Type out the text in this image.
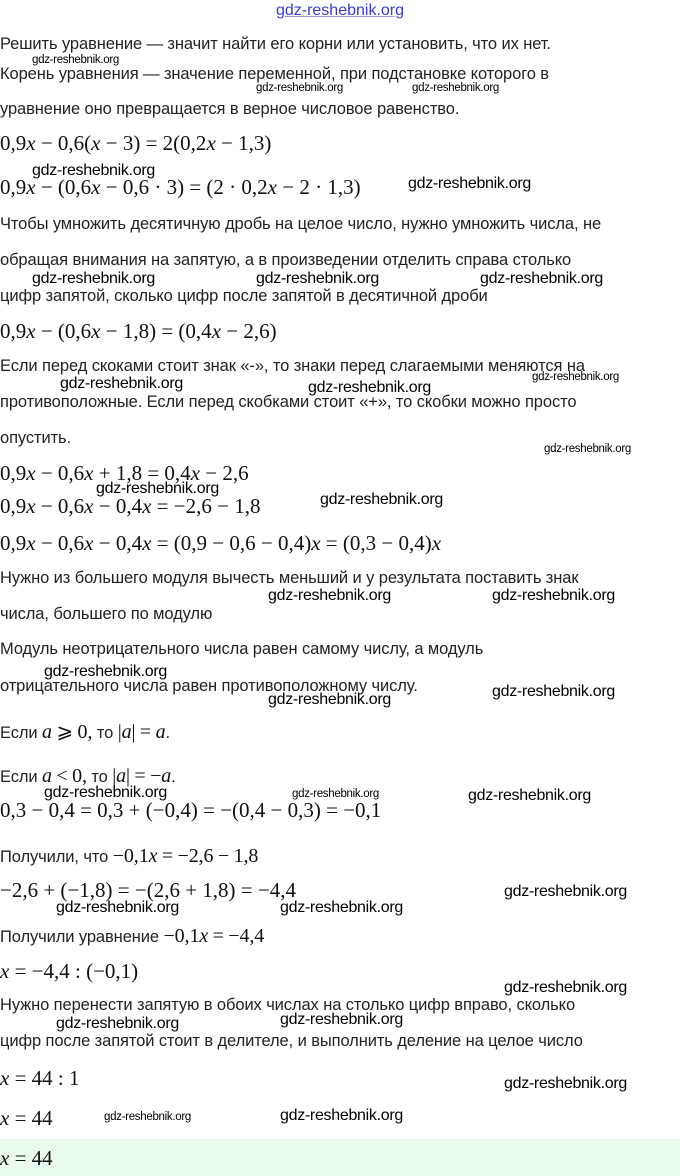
gdz-reshebnik.org
Решить уравнение — значит найти его корни или установить, что их нет.
Корень уравнения — значение переменной, при подстановке которого в
уравнение оно превращается в верное числовое равенство.
0,9x − 0,6(x − 3) = 2(0,2x − 1,3)
0,9x − (0,6x − 0,6 · 3) = (2 · 0,2x − 2 · 1,3)
Чтобы умножить десятичную дробь на целое число, нужно умножить числа, не
обращая внимания на запятую, а в произведении отделить справа столько
цифр запятой, сколько цифр после запятой в десятичной дроби
0,9x − (0,6x − 1,8) = (0,4x − 2,6)
Если перед скоками стоит знак «-», то знаки перед слагаемыми меняются на
противоположные. Если перед скобками стоит «+», то скобки можно просто
опустить.
0,9x − 0,6x + 1,8 = 0,4x − 2,6
0,9x − 0,6x − 0,4x = −2,6 − 1,8
0,9x − 0,6x − 0,4x = (0,9 − 0,6 − 0,4)x = (0,3 − 0,4)x
Нужно из большего модуля вычесть меньший и у результата поставить знак
числа, большего по модулю
Модуль неотрицательного числа равен самому числу, а модуль
отрицательного числа равен противоположному числу.
Если a ⩾ 0, то |a| = a.
Если a < 0, то |a| = −a.
0,3 − 0,4 = 0,3 + (−0,4) = −(0,4 − 0,3) = −0,1
Получили, что −0,1x = −2,6 − 1,8
−2,6 + (−1,8) = −(2,6 + 1,8) = −4,4
Получили уравнение −0,1x = −4,4
x = −4,4 : (−0,1)
Нужно перенести запятую в обоих числах на столько цифр вправо, сколько
цифр после запятой стоит в делителе, и выполнить деление на целое число
x = 44 : 1
x = 44
x = 44
gdz-reshebnik.org
gdz-reshebnik.org	gdz-reshebnik.org
gdz-reshebnik.org
gdz-reshebnik.org
gdz-reshebnik.org	gdz-reshebnik.org	gdz-reshebnik.org
gdz-reshebnik.org	gdz-reshebnik.org
gdz-reshebnik.org
gdz-reshebnik.org
gdz-reshebnik.org
gdz-reshebnik.org
gdz-reshebnik.org	gdz-reshebnik.org
gdz-reshebnik.org
gdz-reshebnik.org	gdz-reshebnik.org
gdz-reshebnik.org	gdz-reshebnik.org	gdz-reshebnik.org
gdz-reshebnik.org
gdz-reshebnik.org	gdz-reshebnik.org
gdz-reshebnik.org
gdz-reshebnik.org	gdz-reshebnik.org
gdz-reshebnik.org
gdz-reshebnik.org	gdz-reshebnik.org
